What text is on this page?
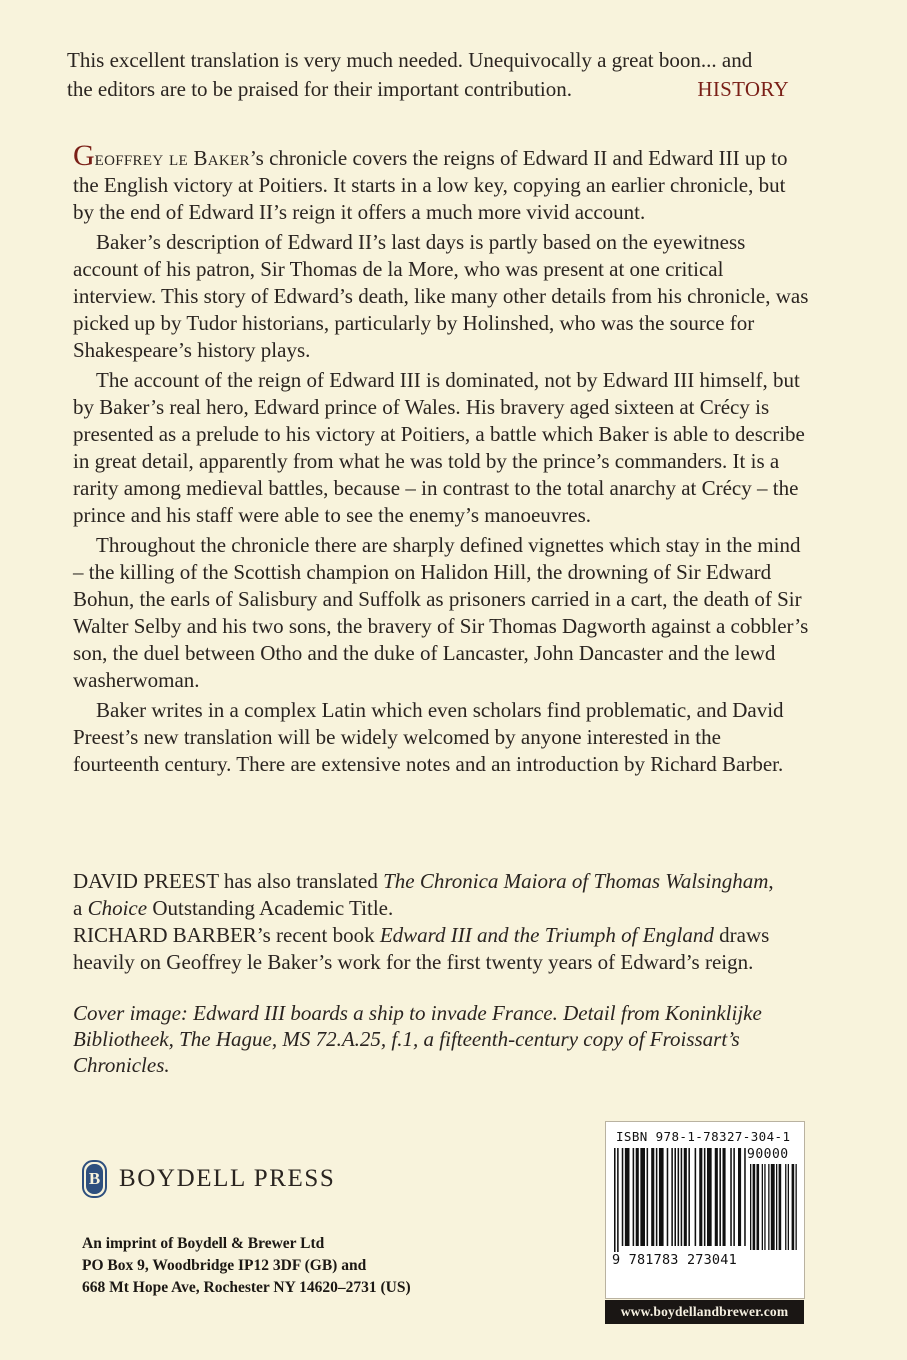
This excellent translation is very much needed. Unequivocally a great boon... and
the editors are to be praised for their important contribution.	HISTORY

Geoffrey le Baker’s chronicle covers the reigns of Edward II and Edward III up to the English victory at Poitiers. It starts in a low key, copying an earlier chronicle, but by the end of Edward II’s reign it offers a much more vivid account.

Baker’s description of Edward II’s last days is partly based on the eyewitness account of his patron, Sir Thomas de la More, who was present at one critical interview. This story of Edward’s death, like many other details from his chronicle, was picked up by Tudor historians, particularly by Holinshed, who was the source for Shakespeare’s history plays.

The account of the reign of Edward III is dominated, not by Edward III himself, but by Baker’s real hero, Edward prince of Wales. His bravery aged sixteen at Crécy is presented as a prelude to his victory at Poitiers, a battle which Baker is able to describe in great detail, apparently from what he was told by the prince’s commanders. It is a rarity among medieval battles, because – in contrast to the total anarchy at Crécy – the prince and his staff were able to see the enemy’s manoeuvres.

Throughout the chronicle there are sharply defined vignettes which stay in the mind – the killing of the Scottish champion on Halidon Hill, the drowning of Sir Edward Bohun, the earls of Salisbury and Suffolk as prisoners carried in a cart, the death of Sir Walter Selby and his two sons, the bravery of Sir Thomas Dagworth against a cobbler’s son, the duel between Otho and the duke of Lancaster, John Dancaster and the lewd washerwoman.

Baker writes in a complex Latin which even scholars find problematic, and David Preest’s new translation will be widely welcomed by anyone interested in the fourteenth century. There are extensive notes and an introduction by Richard Barber.

DAVID PREEST has also translated The Chronica Maiora of Thomas Walsingham,
a Choice Outstanding Academic Title.

RICHARD BARBER’s recent book Edward III and the Triumph of England draws heavily on Geoffrey le Baker’s work for the first twenty years of Edward’s reign.

Cover image: Edward III boards a ship to invade France. Detail from Koninklijke Bibliotheek, The Hague, MS 72.A.25, f.1, a fifteenth-century copy of Froissart’s Chronicles.
B BOYDELL PRESS
An imprint of Boydell & Brewer Ltd
PO Box 9, Woodbridge IP12 3DF (GB) and
668 Mt Hope Ave, Rochester NY 14620–2731 (US)
ISBN 978-1-78327-304-1
90000
9 781783 273041
www.boydellandbrewer.com
